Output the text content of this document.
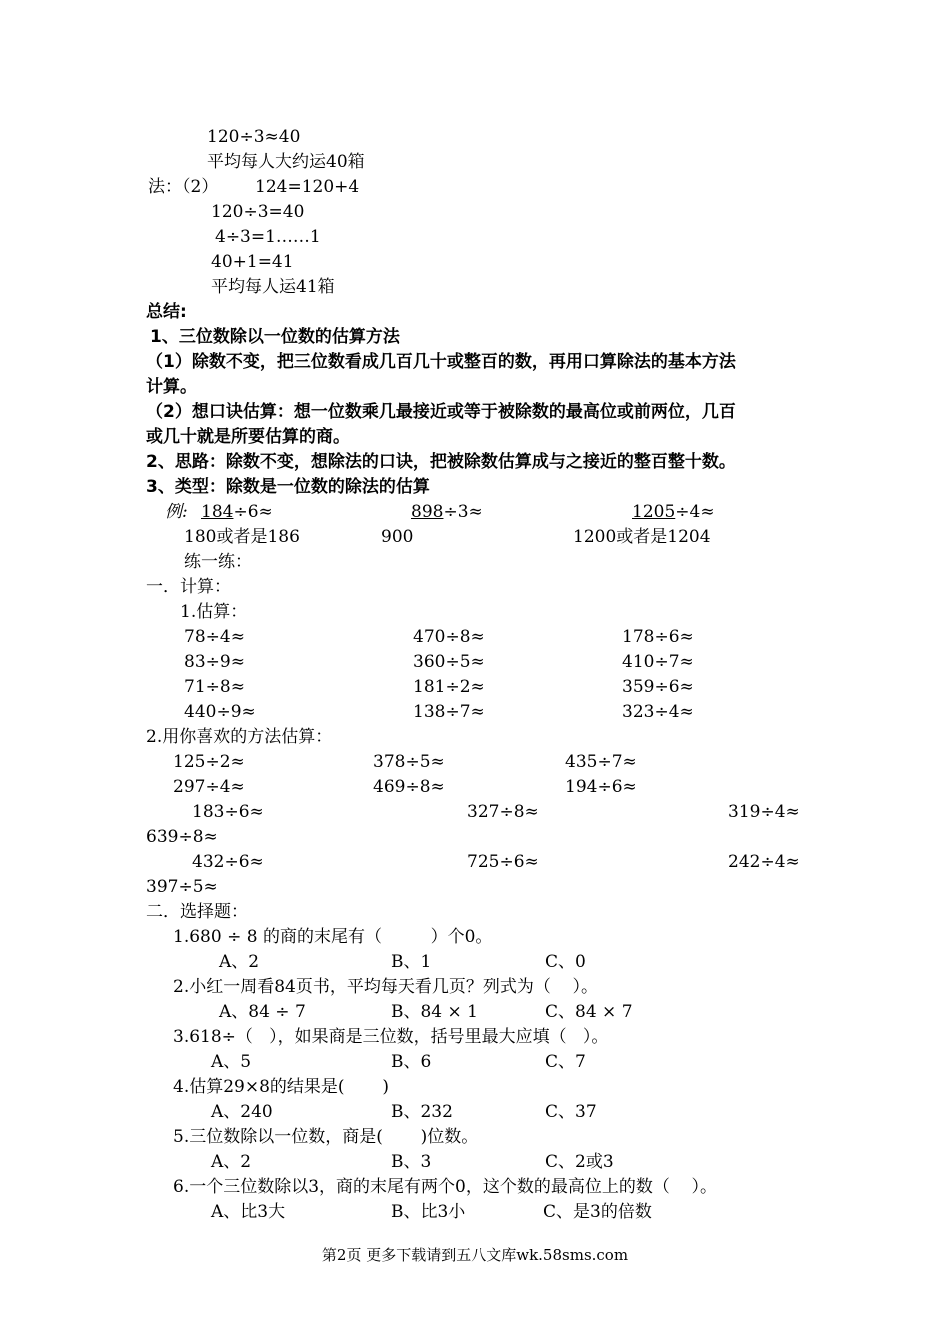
120÷3≈40
平均每人大约运40箱
法：（2） 124=120+4
120÷3=40
4÷3=1……1
40+1=41
平均每人运41箱
总结:
1、三位数除以一位数的估算方法
（1）除数不变，把三位数看成几百几十或整百的数，再用口算除法的基本方法
计算。
（2）想口诀估算：想一位数乘几最接近或等于被除数的最高位或前两位，几百
或几十就是所要估算的商。
2、思路：除数不变，想除法的口诀，把被除数估算成与之接近的整百整十数。
3、类型：除数是一位数的除法的估算
例: 184÷6≈	898÷3≈	1205÷4≈
180或者是186	900	1200或者是1204
练一练：
一．计算：
1.估算：
78÷4≈	470÷8≈	178÷6≈
83÷9≈	360÷5≈	410÷7≈
71÷8≈	181÷2≈	359÷6≈
440÷9≈	138÷7≈	323÷4≈
2.用你喜欢的方法估算：
125÷2≈	378÷5≈	435÷7≈
297÷4≈	469÷8≈	194÷6≈
183÷6≈	327÷8≈	319÷4≈
639÷8≈
432÷6≈	725÷6≈	242÷4≈
397÷5≈
二．选择题：
1.680 ÷ 8 的商的末尾有（         ）个0。
A、2	B、1	C、0
2.小红一周看84页书，平均每天看几页？列式为（    ）。
A、84 ÷ 7	B、84 × 1	C、84 × 7
3.618÷（   ），如果商是三位数，括号里最大应填（   ）。
A、5	B、6	C、7
4.估算29×8的结果是(       )
A、240	B、232	C、37
5.三位数除以一位数，商是(       )位数。
A、2	B、3	C、2或3
6.一个三位数除以3，商的末尾有两个0，这个数的最高位上的数（    ）。
A、比3大	B、比3小	C、是3的倍数
第2页 更多下载请到五八文库wk.58sms.com
